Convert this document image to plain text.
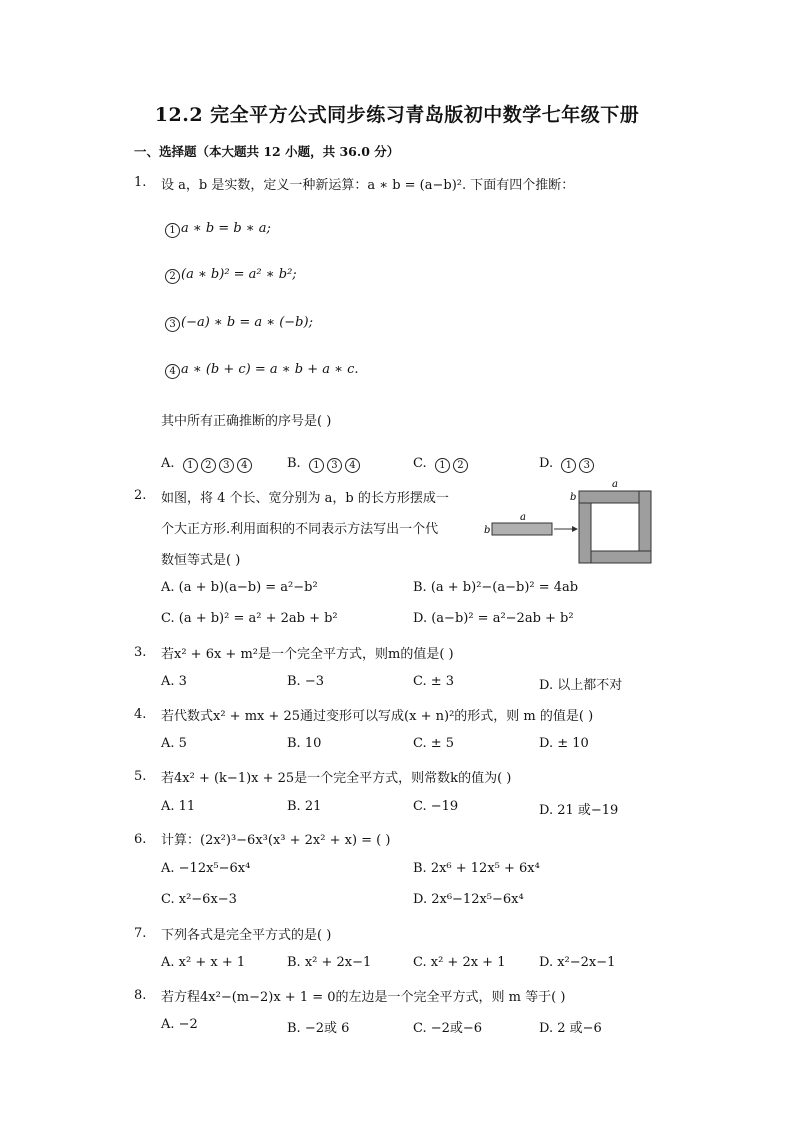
12.2 完全平方公式同步练习青岛版初中数学七年级下册
一、选择题（本大题共 12 小题，共 36.0 分）
1. 设 a，b 是实数，定义一种新运算：a ∗ b = (a−b)². 下面有四个推断：
1 a ∗ b = b ∗ a;
2 (a ∗ b)² = a² ∗ b²;
3 (−a) ∗ b = a ∗ (−b);
4 a ∗ (b + c) = a ∗ b + a ∗ c.
其中所有正确推断的序号是( )
A. 1 2 3 4	B. 1 3 4	C. 1 2	D. 1 3
2. 如图，将 4 个长、宽分别为 a，b 的长方形摆成一
个大正方形.利用面积的不同表示方法写出一个代
数恒等式是( )
a
b
a
b
A. (a + b)(a−b) = a²−b²	B. (a + b)²−(a−b)² = 4ab
C. (a + b)² = a² + 2ab + b²	D. (a−b)² = a²−2ab + b²
3. 若x² + 6x + m²是一个完全平方式，则m的值是( )
A. 3	B. −3	C. ± 3	D. 以上都不对
4. 若代数式x² + mx + 25通过变形可以写成(x + n)²的形式，则 m 的值是( )
A. 5	B. 10	C. ± 5	D. ± 10
5. 若4x² + (k−1)x + 25是一个完全平方式，则常数k的值为( )
A. 11	B. 21	C. −19	D. 21 或−19
6. 计算：(2x²)³−6x³(x³ + 2x² + x) = ( )
A. −12x⁵−6x⁴	B. 2x⁶ + 12x⁵ + 6x⁴
C. x²−6x−3	D. 2x⁶−12x⁵−6x⁴
7. 下列各式是完全平方式的是( )
A. x² + x + 1	B. x² + 2x−1	C. x² + 2x + 1	D. x²−2x−1
8. 若方程4x²−(m−2)x + 1 = 0的左边是一个完全平方式，则 m 等于( )
A. −2	B. −2或 6	C. −2或−6	D. 2 或−6
